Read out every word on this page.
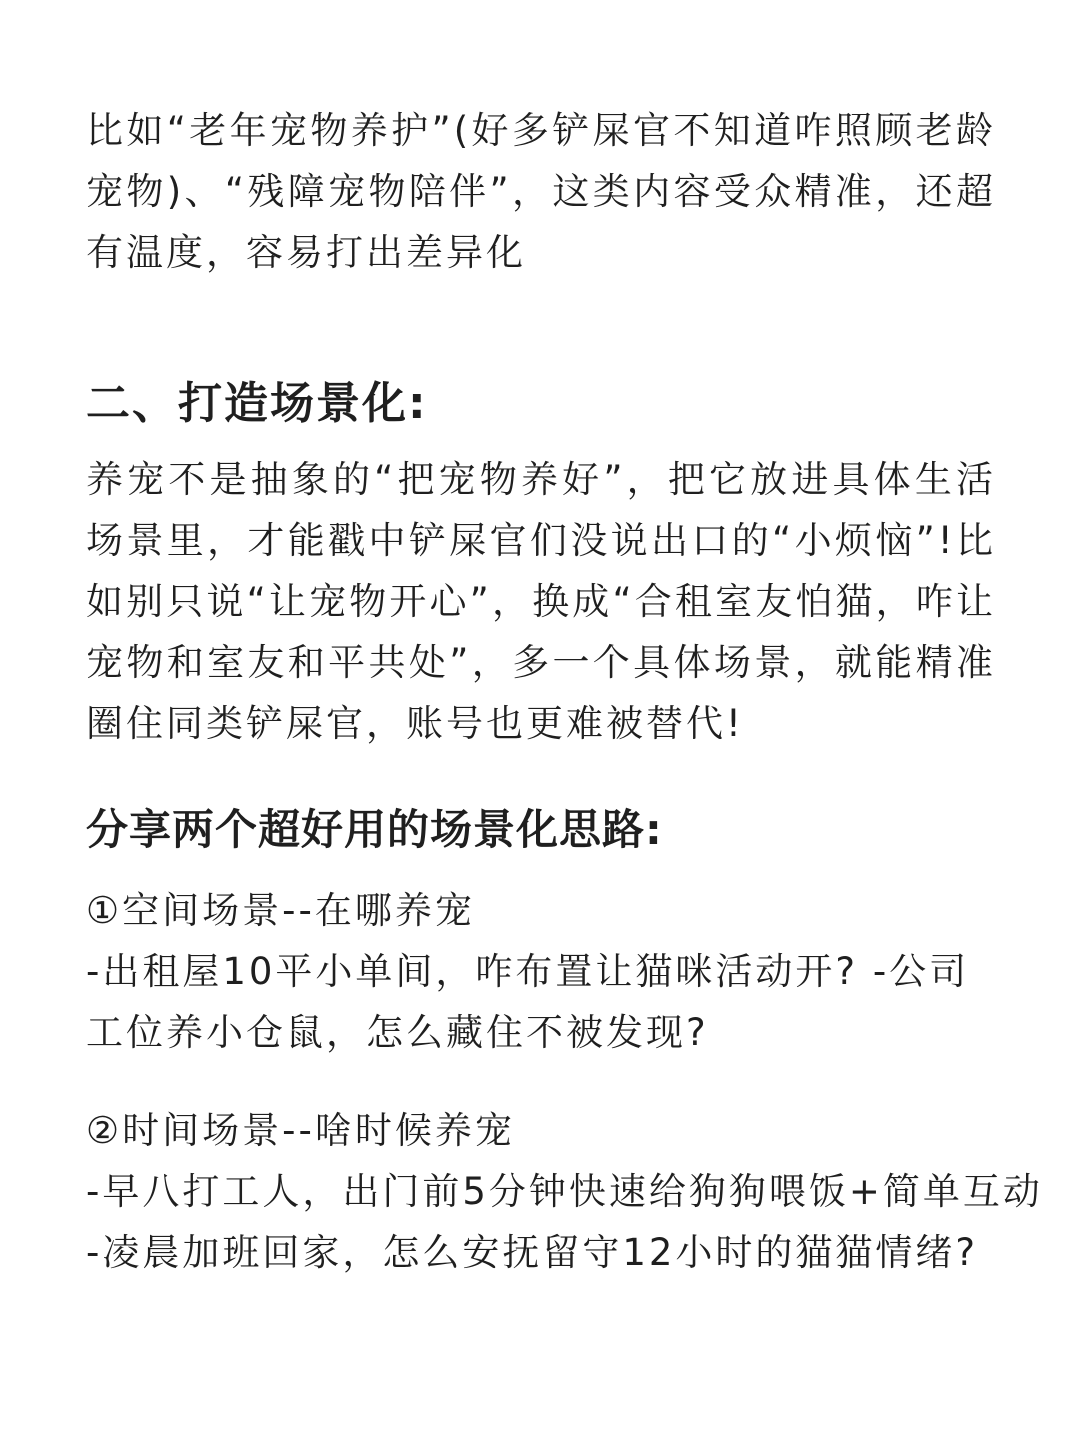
比如“老年宠物养护”(好多铲屎官不知道咋照顾老龄宠物)、“残障宠物陪伴”，这类内容受众精准，还超有温度，容易打出差异化

二、打造场景化:

养宠不是抽象的“把宠物养好”，把它放进具体生活场景里，才能戳中铲屎官们没说出口的“小烦恼”!比如别只说“让宠物开心”，换成“合租室友怕猫，咋让宠物和室友和平共处”，多一个具体场景，就能精准圈住同类铲屎官，账号也更难被替代!

分享两个超好用的场景化思路:

①空间场景--在哪养宠

-出租屋10平小单间，咋布置让猫咪活动开? -公司工位养小仓鼠，怎么藏住不被发现?

②时间场景--啥时候养宠

-早八打工人，出门前5分钟快速给狗狗喂饭+简单互动

-凌晨加班回家，怎么安抚留守12小时的猫猫情绪?
